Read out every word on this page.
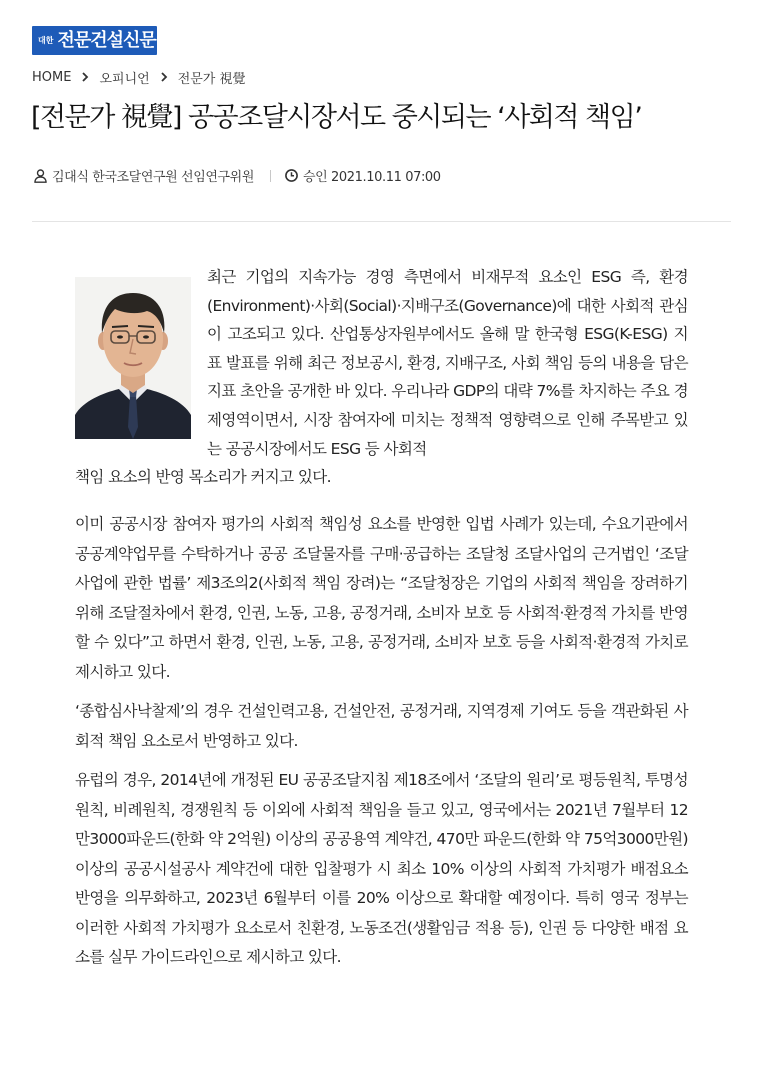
대한 전문건설신문
HOME 오피니언 전문가 視覺
[전문가 視覺] 공공조달시장서도 중시되는 ‘사회적 책임’
김대식 한국조달연구원 선임연구위원	승인 2021.10.11 07:00

최근 기업의 지속가능 경영 측면에서 비재무적 요소인 ESG 즉, 환경(Environment)·사회(Social)·지배구조(Governance)에 대한 사회적 관심이 고조되고 있다. 산업통상자원부에서도 올해 말 한국형 ESG(K-ESG) 지표 발표를 위해 최근 정보공시, 환경, 지배구조, 사회 책임 등의 내용을 담은 지표 초안을 공개한 바 있다. 우리나라 GDP의 대략 7%를 차지하는 주요 경제영역이면서, 시장 참여자에 미치는 정책적 영향력으로 인해 주목받고 있는 공공시장에서도 ESG 등 사회적

책임 요소의 반영 목소리가 커지고 있다.

이미 공공시장 참여자 평가의 사회적 책임성 요소를 반영한 입법 사례가 있는데, 수요기관에서 공공계약업무를 수탁하거나 공공 조달물자를 구매·공급하는 조달청 조달사업의 근거법인 ‘조달사업에 관한 법률’ 제3조의2(사회적 책임 장려)는 “조달청장은 기업의 사회적 책임을 장려하기 위해 조달절차에서 환경, 인권, 노동, 고용, 공정거래, 소비자 보호 등 사회적·환경적 가치를 반영할 수 있다”고 하면서 환경, 인권, 노동, 고용, 공정거래, 소비자 보호 등을 사회적·환경적 가치로 제시하고 있다.

‘종합심사낙찰제’의 경우 건설인력고용, 건설안전, 공정거래, 지역경제 기여도 등을 객관화된 사회적 책임 요소로서 반영하고 있다.

유럽의 경우, 2014년에 개정된 EU 공공조달지침 제18조에서 ‘조달의 원리’로 평등원칙, 투명성원칙, 비례원칙, 경쟁원칙 등 이외에 사회적 책임을 들고 있고, 영국에서는 2021년 7월부터 12만3000파운드(한화 약 2억원) 이상의 공공용역 계약건, 470만 파운드(한화 약 75억3000만원) 이상의 공공시설공사 계약건에 대한 입찰평가 시 최소 10% 이상의 사회적 가치평가 배점요소 반영을 의무화하고, 2023년 6월부터 이를 20% 이상으로 확대할 예정이다. 특히 영국 정부는 이러한 사회적 가치평가 요소로서 친환경, 노동조건(생활임금 적용 등), 인권 등 다양한 배점 요소를 실무 가이드라인으로 제시하고 있다.
